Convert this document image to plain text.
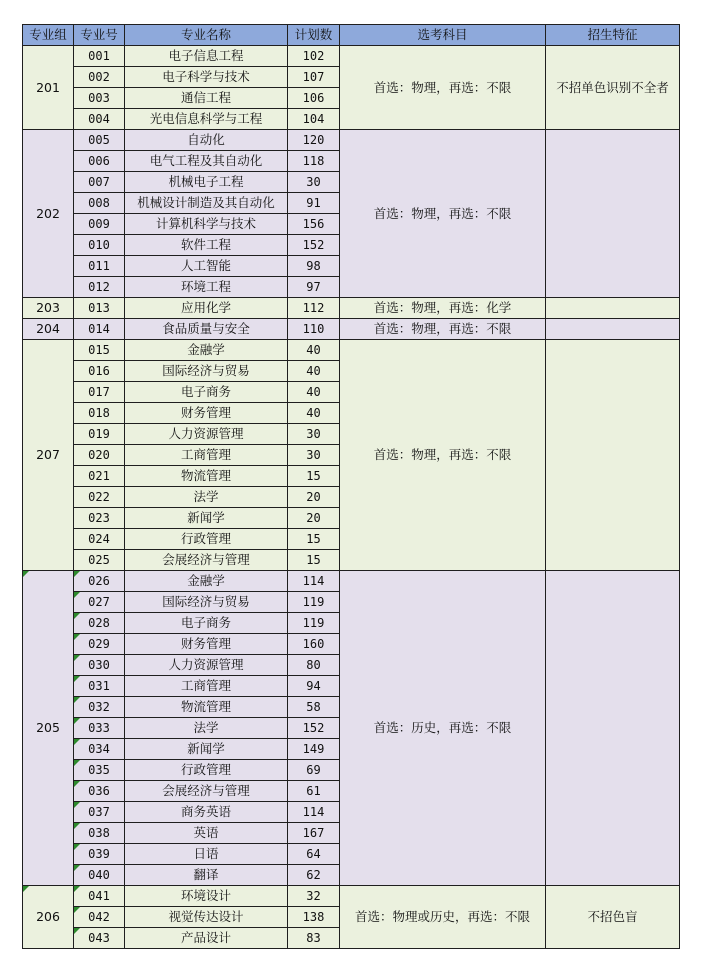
专业组	专业号	专业名称	计划数	选考科目	招生特征
201	001	电子信息工程	102	首选：物理，再选：不限	不招单色识别不全者
	002	电子科学与技术	107		
	003	通信工程	106		
	004	光电信息科学与工程	104		
202	005	自动化	120	首选：物理，再选：不限	
	006	电气工程及其自动化	118		
	007	机械电子工程	30		
	008	机械设计制造及其自动化	91		
	009	计算机科学与技术	156		
	010	软件工程	152		
	011	人工智能	98		
	012	环境工程	97		
203	013	应用化学	112	首选：物理，再选：化学	
204	014	食品质量与安全	110	首选：物理，再选：不限	
207	015	金融学	40	首选：物理，再选：不限	
	016	国际经济与贸易	40		
	017	电子商务	40		
	018	财务管理	40		
	019	人力资源管理	30		
	020	工商管理	30		
	021	物流管理	15		
	022	法学	20		
	023	新闻学	20		
	024	行政管理	15		
	025	会展经济与管理	15		
205	026	金融学	114	首选：历史，再选：不限	
	027	国际经济与贸易	119		
	028	电子商务	119		
	029	财务管理	160		
	030	人力资源管理	80		
	031	工商管理	94		
	032	物流管理	58		
	033	法学	152		
	034	新闻学	149		
	035	行政管理	69		
	036	会展经济与管理	61		
	037	商务英语	114		
	038	英语	167		
	039	日语	64		
	040	翻译	62		
206	041	环境设计	32	首选：物理或历史，再选：不限	不招色盲
	042	视觉传达设计	138		
	043	产品设计	83		
